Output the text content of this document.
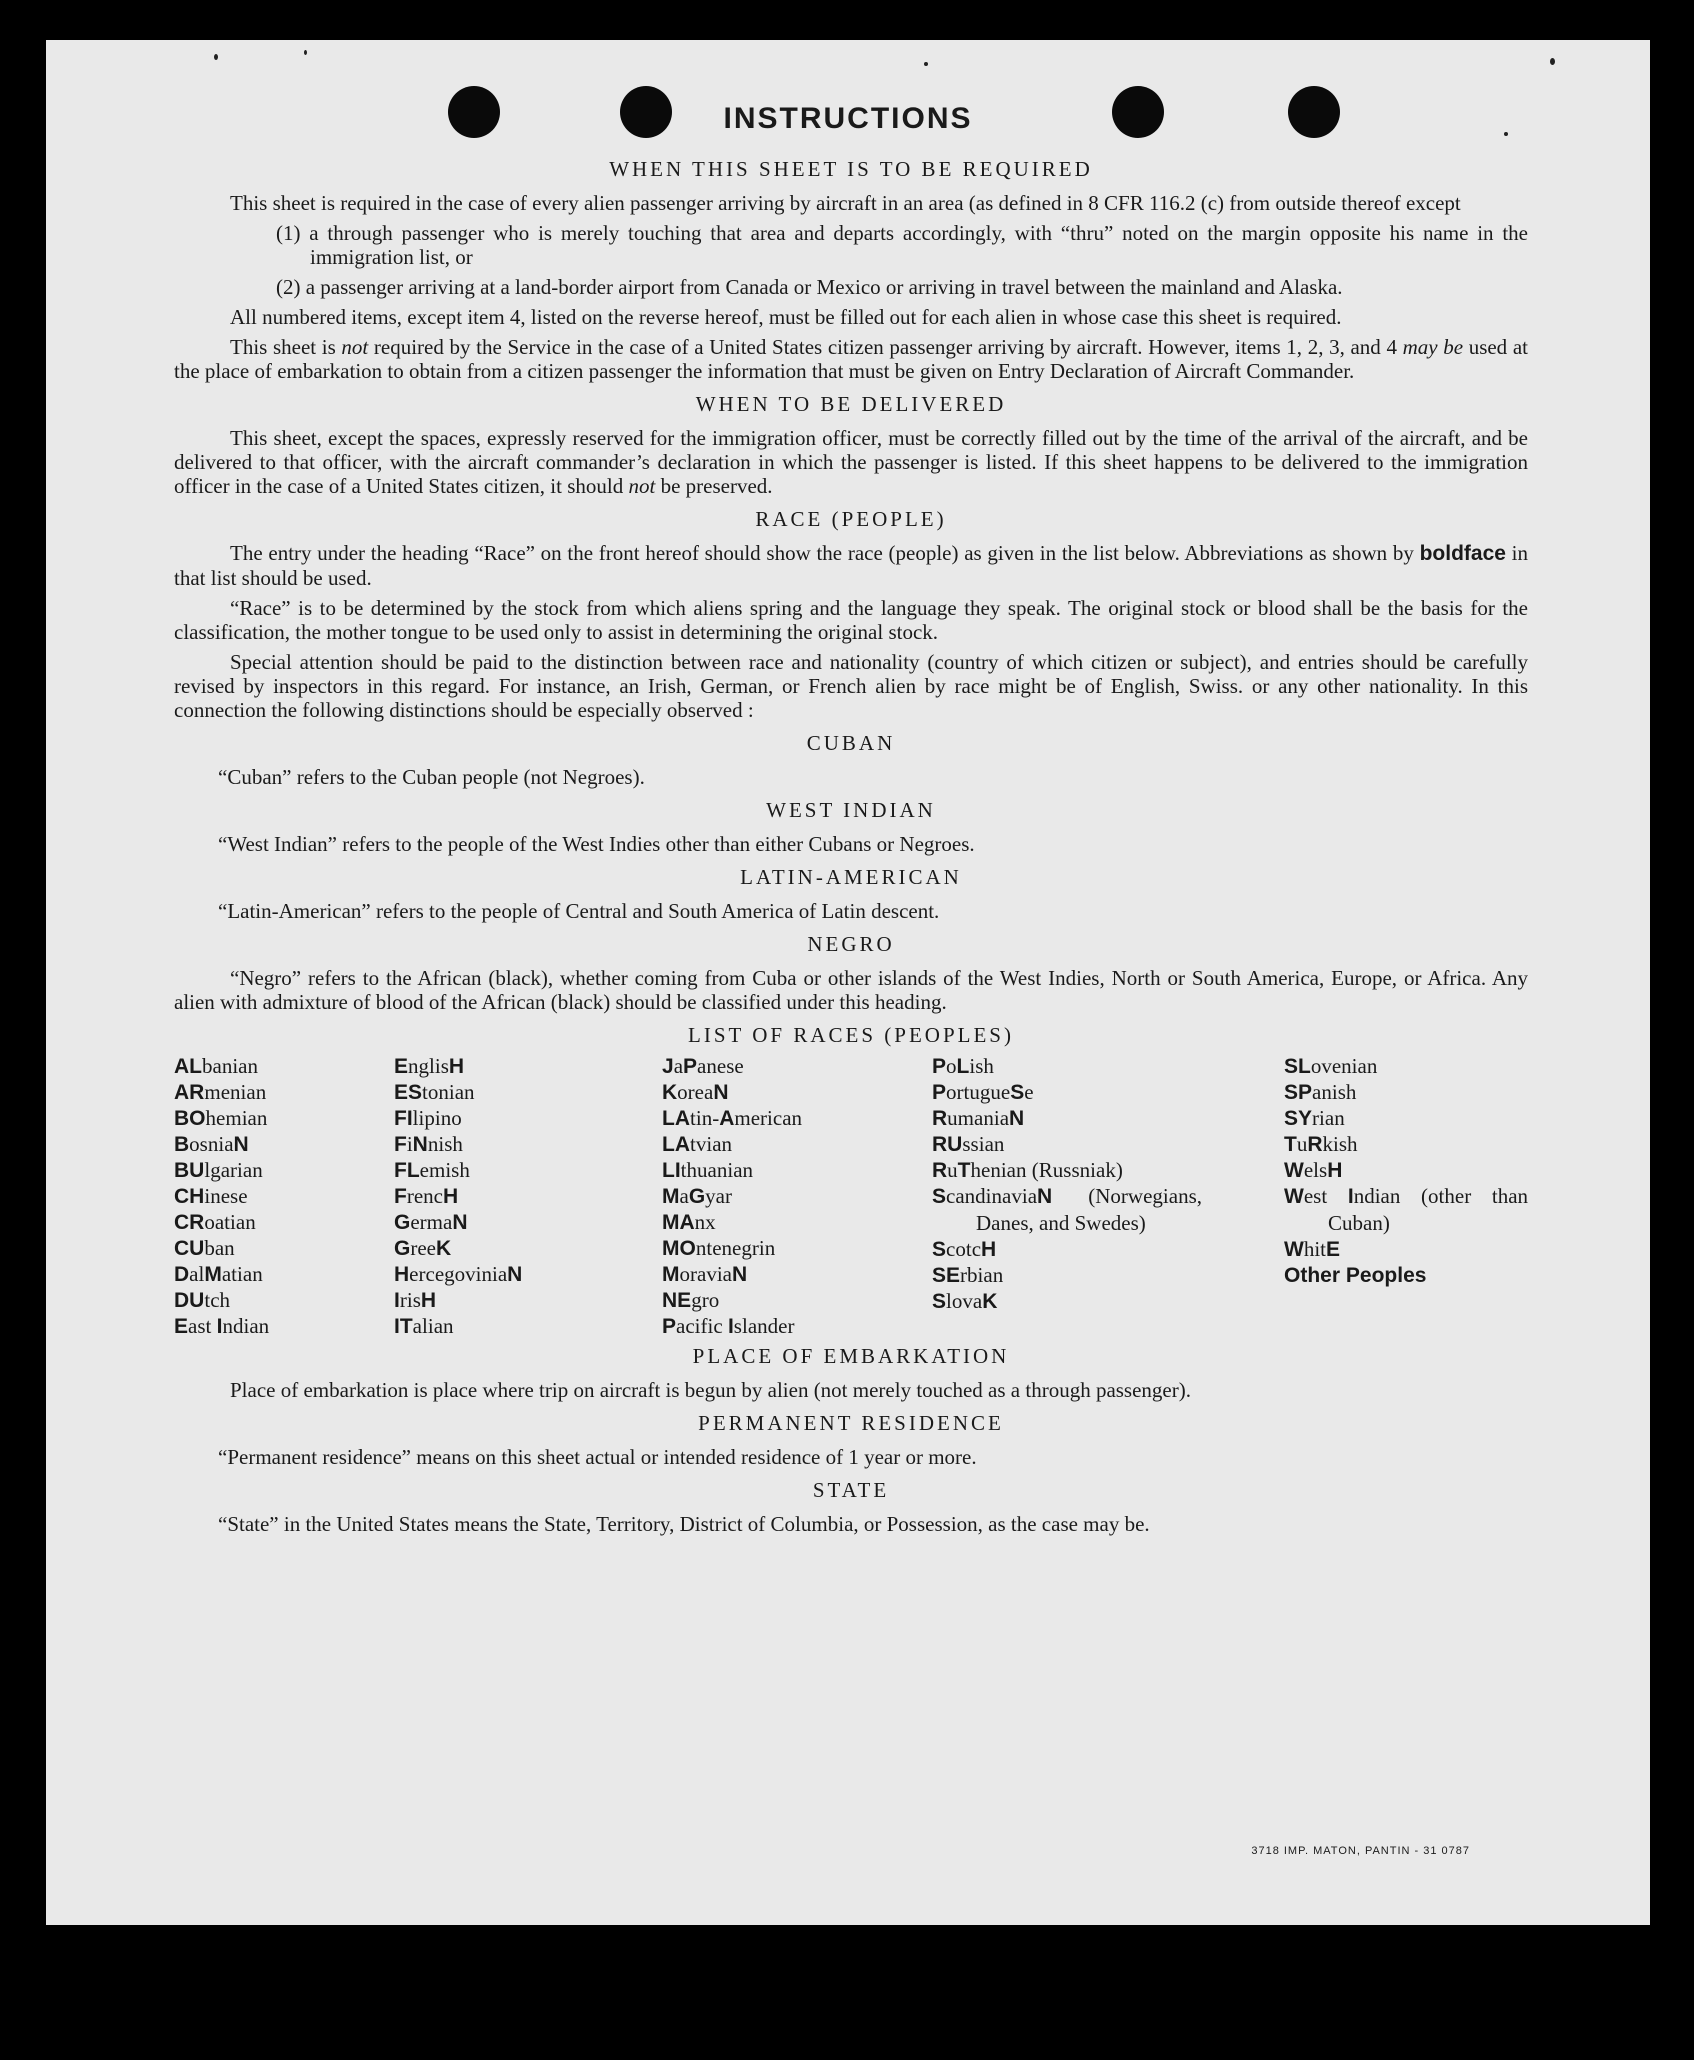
INSTRUCTIONS
WHEN THIS SHEET IS TO BE REQUIRED

This sheet is required in the case of every alien passenger arriving by aircraft in an area (as defined in 8 CFR 116.2 (c) from outside thereof except

(1) a through passenger who is merely touching that area and departs accordingly, with “thru” noted on the margin opposite his name in the immigration list, or

(2) a passenger arriving at a land-border airport from Canada or Mexico or arriving in travel between the mainland and Alaska.

All numbered items, except item 4, listed on the reverse hereof, must be filled out for each alien in whose case this sheet is required.

This sheet is not required by the Service in the case of a United States citizen passenger arriving by aircraft. However, items 1, 2, 3, and 4 may be used at the place of embarkation to obtain from a citizen passenger the information that must be given on Entry Declaration of Aircraft Commander.

WHEN TO BE DELIVERED

This sheet, except the spaces, expressly reserved for the immigration officer, must be correctly filled out by the time of the arrival of the aircraft, and be delivered to that officer, with the aircraft commander’s declaration in which the passenger is listed. If this sheet happens to be delivered to the immigration officer in the case of a United States citizen, it should not be preserved.

RACE (PEOPLE)

The entry under the heading “Race” on the front hereof should show the race (people) as given in the list below. Abbreviations as shown by boldface in that list should be used.

“Race” is to be determined by the stock from which aliens spring and the language they speak. The original stock or blood shall be the basis for the classification, the mother tongue to be used only to assist in determining the original stock.

Special attention should be paid to the distinction between race and nationality (country of which citizen or subject), and entries should be carefully revised by inspectors in this regard. For instance, an Irish, German, or French alien by race might be of English, Swiss. or any other nationality. In this connection the following distinctions should be especially observed :

CUBAN

“Cuban” refers to the Cuban people (not Negroes).

WEST INDIAN

“West Indian” refers to the people of the West Indies other than either Cubans or Negroes.

LATIN-AMERICAN

“Latin-American” refers to the people of Central and South America of Latin descent.

NEGRO

“Negro” refers to the African (black), whether coming from Cuba or other islands of the West Indies, North or South America, Europe, or Africa. Any alien with admixture of blood of the African (black) should be classified under this heading.

LIST OF RACES (PEOPLES)
ALbanian
ARmenian
BOhemian
BosniaN
BUlgarian
CHinese
CRoatian
CUban
DalMatian
DUtch
East Indian
EnglisH
EStonian
FIlipino
FiNnish
FLemish
FrencH
GermaN
GreeK
HercegoviniaN
IrisH
ITalian
JaPanese
KoreaN
LAtin-American
LAtvian
LIthuanian
MaGyar
MAnx
MOntenegrin
MoraviaN
NEgro
Pacific Islander
PoLish
PortugueSe
RumaniaN
RUssian
RuThenian (Russniak)
ScandinaviaN (Norwegians, Danes, and Swedes)
ScotcH
SErbian
SlovaK
SLovenian
SPanish
SYrian
TuRkish
WelsH
West Indian (other than Cuban)
WhitE
Other Peoples
PLACE OF EMBARKATION

Place of embarkation is place where trip on aircraft is begun by alien (not merely touched as a through passenger).

PERMANENT RESIDENCE

“Permanent residence” means on this sheet actual or intended residence of 1 year or more.

STATE

“State” in the United States means the State, Territory, District of Columbia, or Possession, as the case may be.

3718 IMP. MATON, PANTIN - 31 0787
